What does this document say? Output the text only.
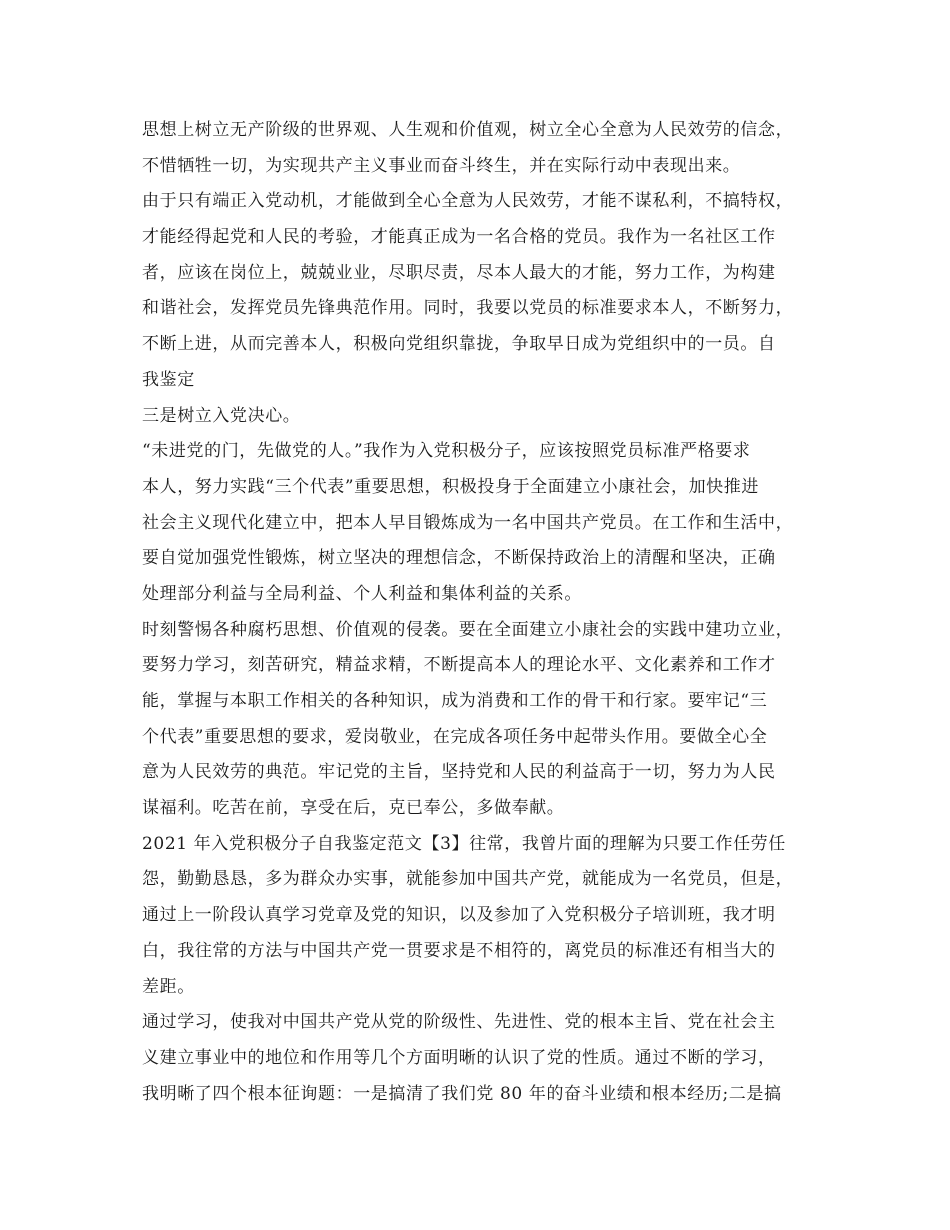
思想上树立无产阶级的世界观、人生观和价值观，树立全心全意为人民效劳的信念，
不惜牺牲一切，为实现共产主义事业而奋斗终生，并在实际行动中表现出来。
由于只有端正入党动机，才能做到全心全意为人民效劳，才能不谋私利，不搞特权，
才能经得起党和人民的考验，才能真正成为一名合格的党员。我作为一名社区工作
者，应该在岗位上，兢兢业业，尽职尽责，尽本人最大的才能，努力工作，为构建
和谐社会，发挥党员先锋典范作用。同时，我要以党员的标准要求本人，不断努力，
不断上进，从而完善本人，积极向党组织靠拢，争取早日成为党组织中的一员。自
我鉴定
三是树立入党决心。
“未进党的门，先做党的人。”我作为入党积极分子，应该按照党员标准严格要求
本人，努力实践“三个代表”重要思想，积极投身于全面建立小康社会，加快推进
社会主义现代化建立中，把本人早目锻炼成为一名中国共产党员。在工作和生活中，
要自觉加强党性锻炼，树立坚决的理想信念，不断保持政治上的清醒和坚决，正确
处理部分利益与全局利益、个人利益和集体利益的关系。
时刻警惕各种腐朽思想、价值观的侵袭。要在全面建立小康社会的实践中建功立业，
要努力学习，刻苦研究，精益求精，不断提高本人的理论水平、文化素养和工作才
能，掌握与本职工作相关的各种知识，成为消费和工作的骨干和行家。要牢记“三
个代表”重要思想的要求，爱岗敬业，在完成各项任务中起带头作用。要做全心全
意为人民效劳的典范。牢记党的主旨，坚持党和人民的利益高于一切，努力为人民
谋福利。吃苦在前，享受在后，克已奉公，多做奉献。
2021 年入党积极分子自我鉴定范文【3】往常，我曾片面的理解为只要工作任劳任
怨，勤勤恳恳，多为群众办实事，就能参加中国共产党，就能成为一名党员，但是，
通过上一阶段认真学习党章及党的知识，以及参加了入党积极分子培训班，我才明
白，我往常的方法与中国共产党一贯要求是不相符的，离党员的标准还有相当大的
差距。
通过学习，使我对中国共产党从党的阶级性、先进性、党的根本主旨、党在社会主
义建立事业中的地位和作用等几个方面明晰的认识了党的性质。通过不断的学习，
我明晰了四个根本征询题：一是搞清了我们党 80 年的奋斗业绩和根本经历;二是搞
